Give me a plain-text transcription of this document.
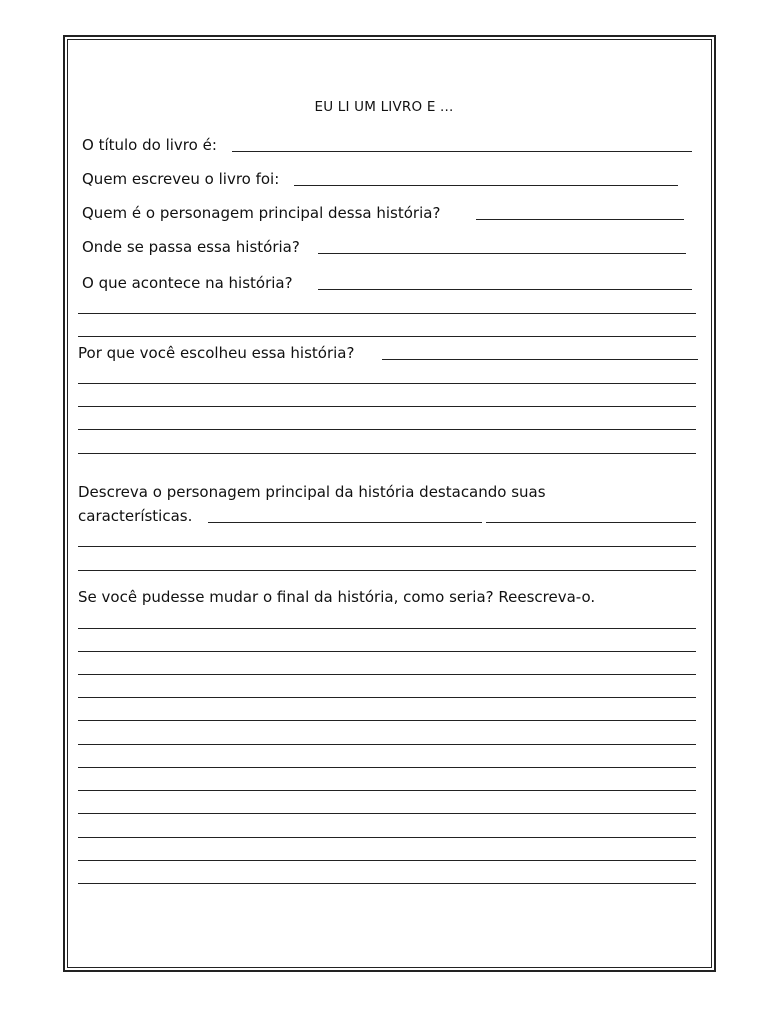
EU LI UM LIVRO E ...
O título do livro é:
Quem escreveu o livro foi:
Quem é o personagem principal dessa história?
Onde se passa essa história?
O que acontece na história?
Por que você escolheu essa história?
Descreva o personagem principal da história destacando suas
características.
Se você pudesse mudar o final da história, como seria? Reescreva-o.
